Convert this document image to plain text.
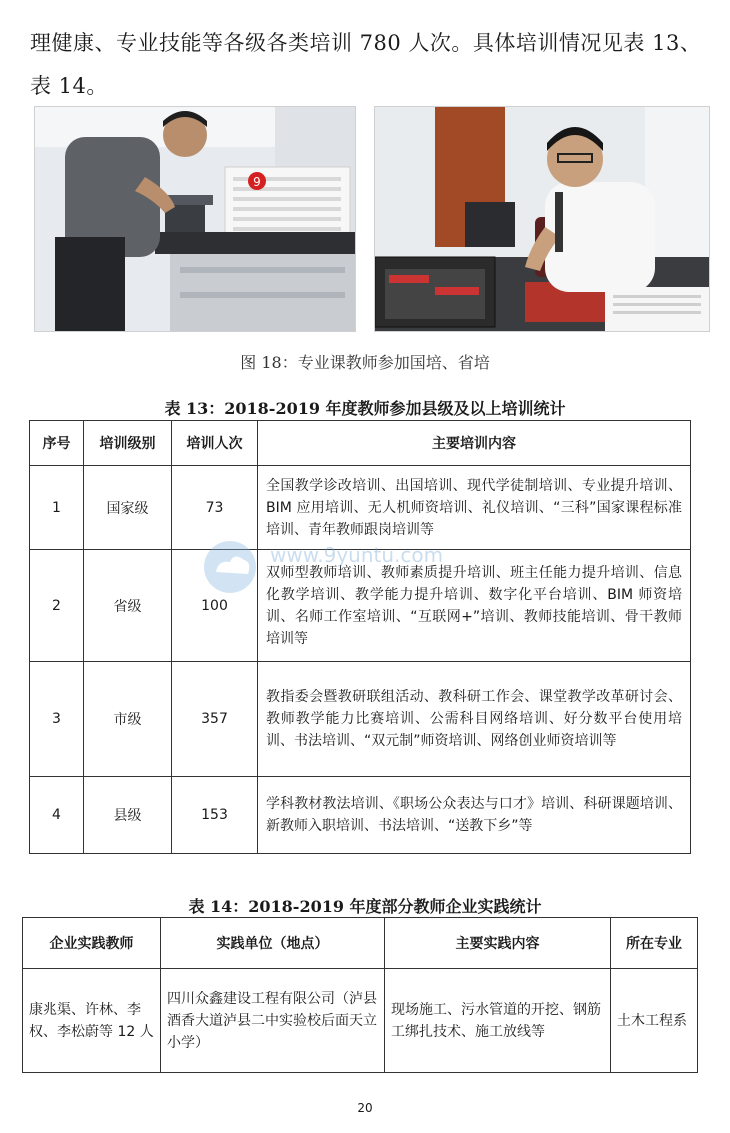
理健康、专业技能等各级各类培训 780 人次。具体培训情况见表 13、表 14。
9
图 18：专业课教师参加国培、省培
表 13：2018-2019 年度教师参加县级及以上培训统计
序号	培训级别	培训人次	主要培训内容
1	国家级	73	全国教学诊改培训、出国培训、现代学徒制培训、专业提升培训、BIM 应用培训、无人机师资培训、礼仪培训、“三科”国家课程标准培训、青年教师跟岗培训等
2	省级	100	双师型教师培训、教师素质提升培训、班主任能力提升培训、信息化教学培训、教学能力提升培训、数字化平台培训、BIM 师资培训、名师工作室培训、“互联网+”培训、教师技能培训、骨干教师培训等
3	市级	357	教指委会暨教研联组活动、教科研工作会、课堂教学改革研讨会、教师教学能力比赛培训、公需科目网络培训、好分数平台使用培训、书法培训、“双元制”师资培训、网络创业师资培训等
4	县级	153	学科教材教法培训、《职场公众表达与口才》培训、科研课题培训、新教师入职培训、书法培训、“送教下乡”等
表 14：2018-2019 年度部分教师企业实践统计
企业实践教师	实践单位（地点）	主要实践内容	所在专业
康兆渠、许林、李权、李松蔚等 12 人	四川众鑫建设工程有限公司（泸县酒香大道泸县二中实验校后面天立小学）	现场施工、污水管道的开挖、钢筋工绑扎技术、施工放线等	土木工程系
www.9yuntu.com
20
